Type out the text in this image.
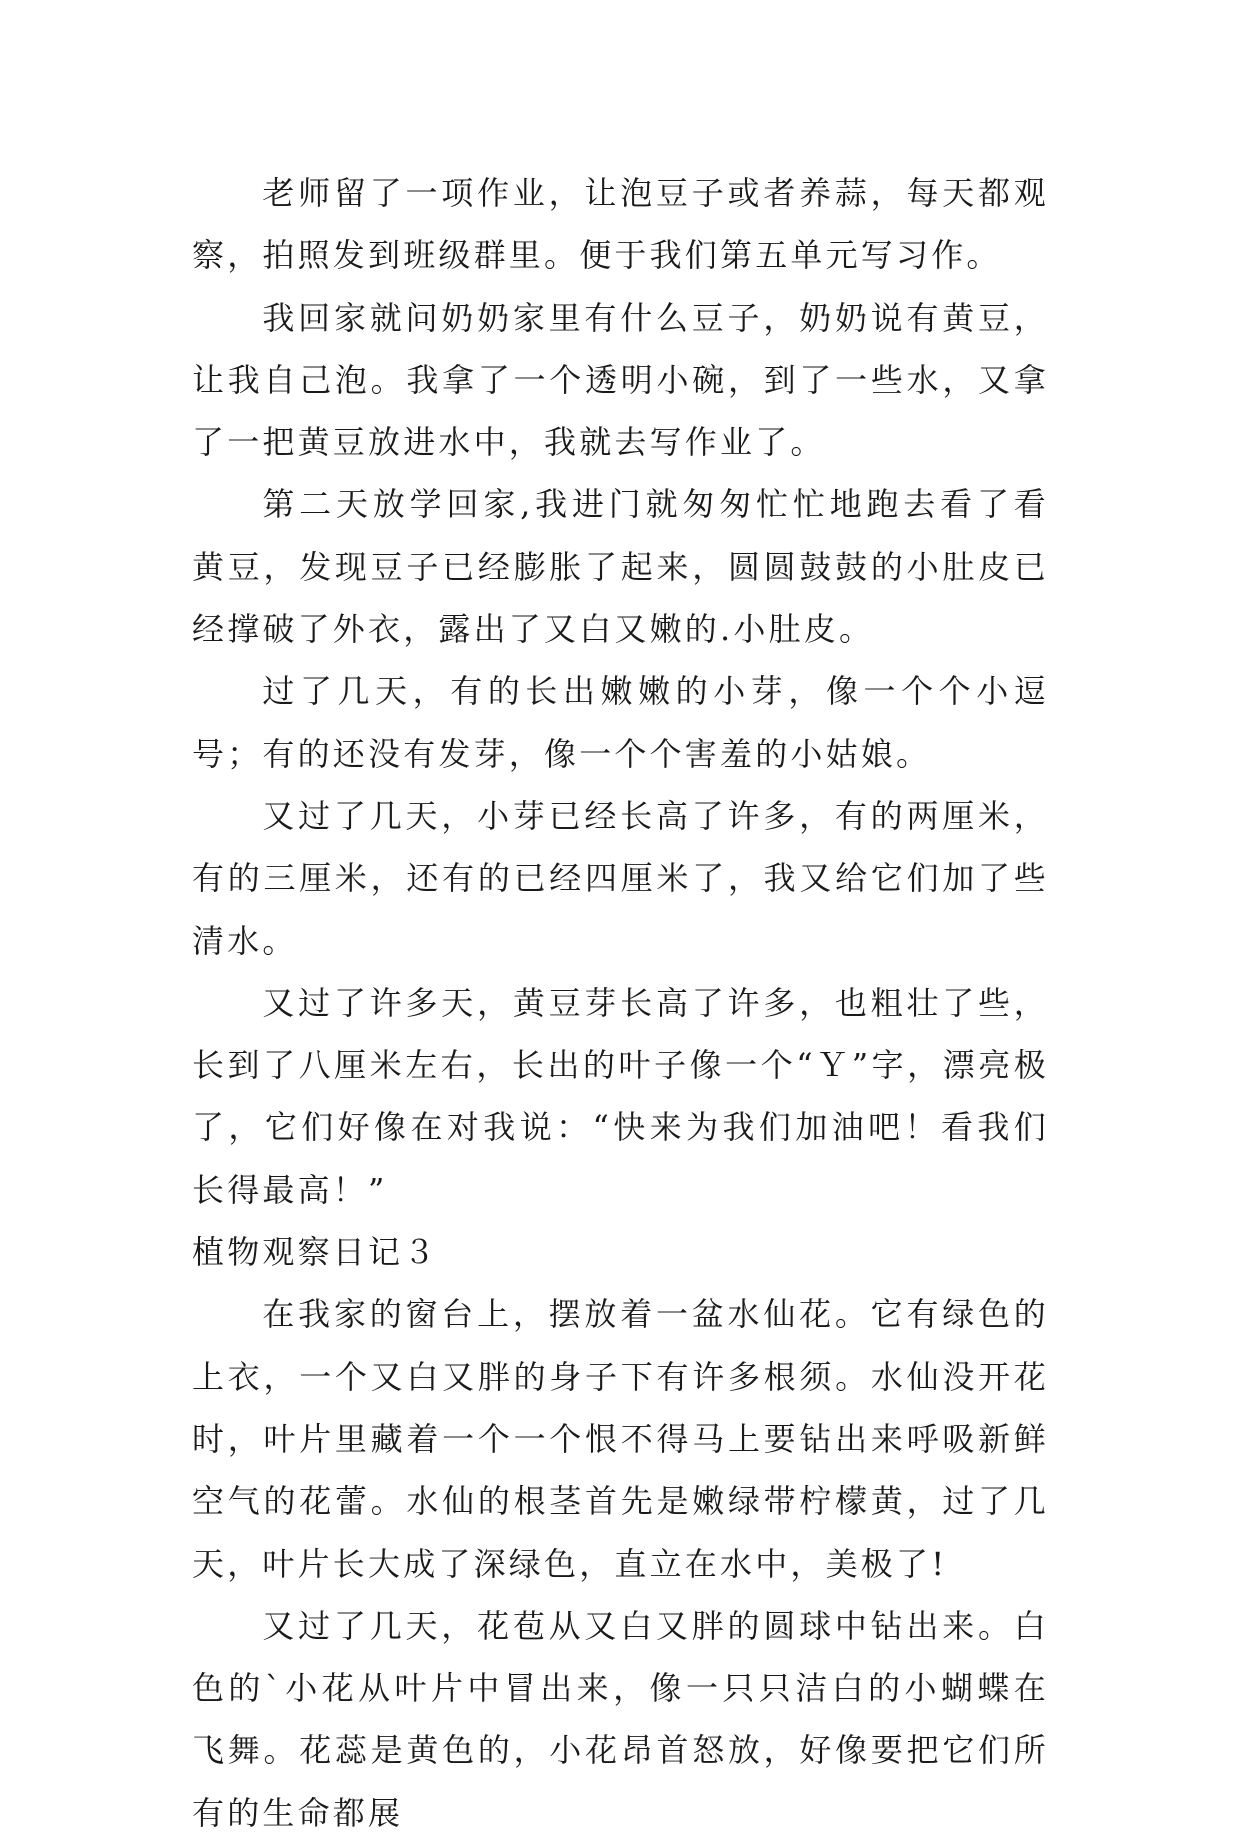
老师留了一项作业，让泡豆子或者养蒜，每天都观察，拍照发到班级群里。便于我们第五单元写习作。

我回家就问奶奶家里有什么豆子，奶奶说有黄豆，让我自己泡。我拿了一个透明小碗，到了一些水，又拿了一把黄豆放进水中，我就去写作业了。

第二天放学回家,我进门就匆匆忙忙地跑去看了看黄豆，发现豆子已经膨胀了起来，圆圆鼓鼓的小肚皮已经撑破了外衣，露出了又白又嫩的.小肚皮。

过了几天，有的长出嫩嫩的小芽，像一个个小逗号；有的还没有发芽，像一个个害羞的小姑娘。

又过了几天，小芽已经长高了许多，有的两厘米，有的三厘米，还有的已经四厘米了，我又给它们加了些清水。

又过了许多天，黄豆芽长高了许多，也粗壮了些，长到了八厘米左右，长出的叶子像一个“Ｙ”字，漂亮极了，它们好像在对我说：“快来为我们加油吧！看我们长得最高！”

植物观察日记３

在我家的窗台上，摆放着一盆水仙花。它有绿色的上衣，一个又白又胖的身子下有许多根须。水仙没开花时，叶片里藏着一个一个恨不得马上要钻出来呼吸新鲜空气的花蕾。水仙的根茎首先是嫩绿带柠檬黄，过了几天，叶片长大成了深绿色，直立在水中，美极了!

又过了几天，花苞从又白又胖的圆球中钻出来。白色的`小花从叶片中冒出来，像一只只洁白的小蝴蝶在飞舞。花蕊是黄色的，小花昂首怒放，好像要把它们所有的生命都展
